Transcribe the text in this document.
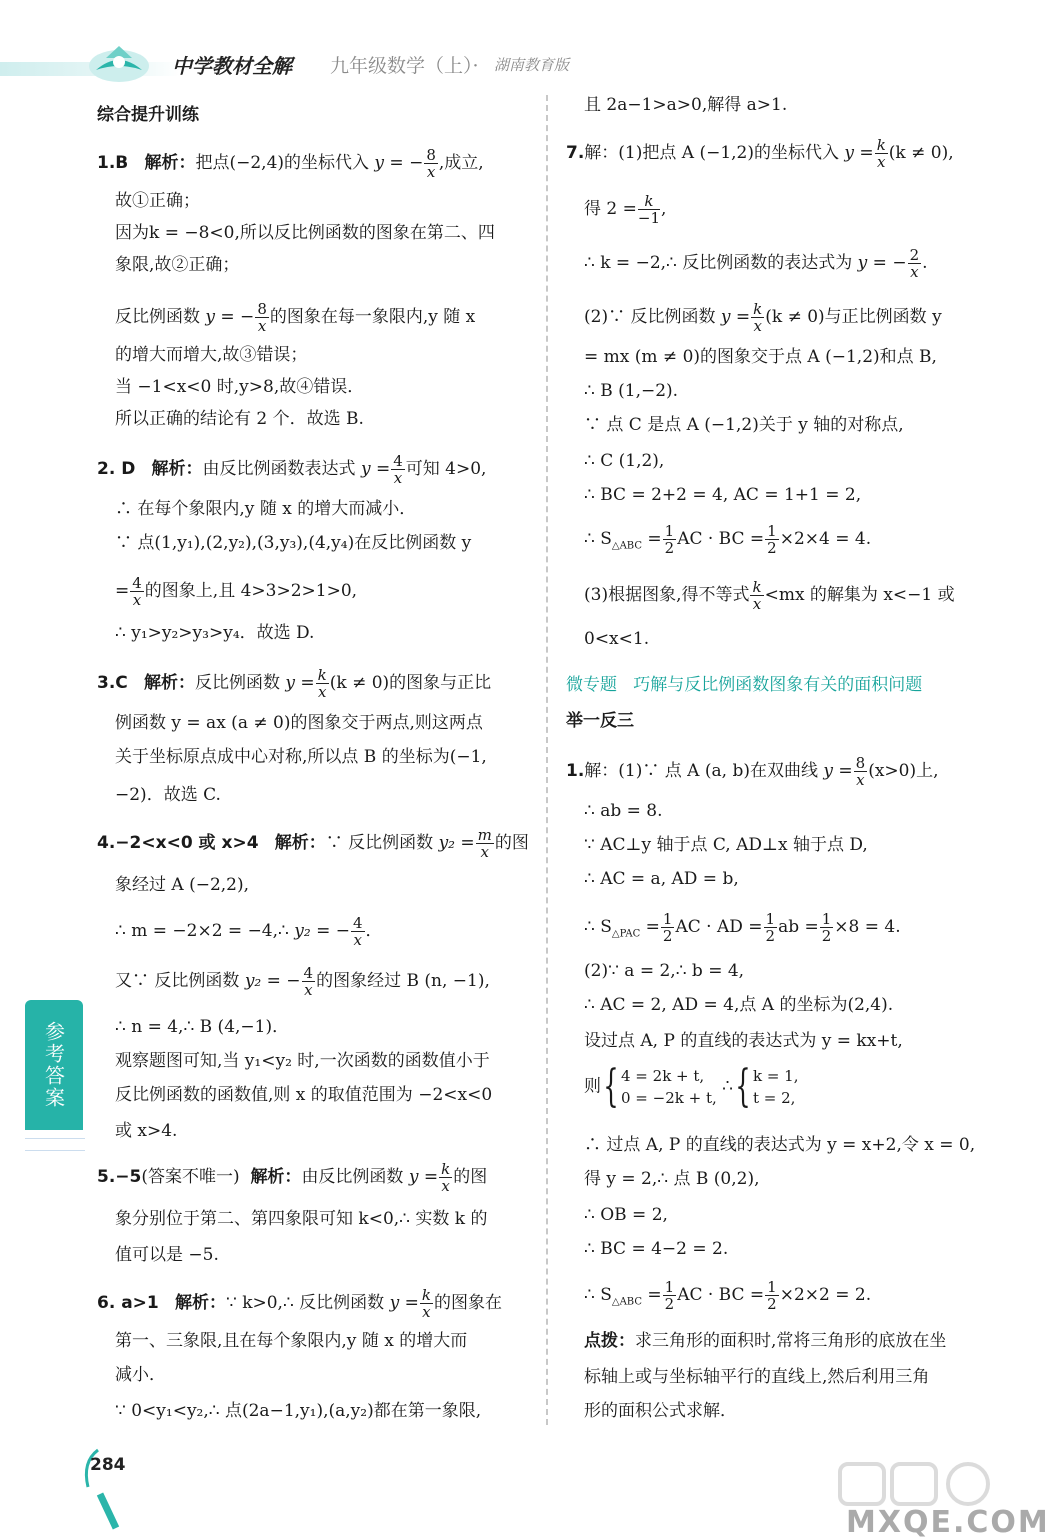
中学教材全解 九年级数学（上）· 湖南教育版
综合提升训练
1.B 解析：把点(−2,4)的坐标代入 y = − $\frac{8}{x}$ ,成立,
故①正确；
因为k = −8<0,所以反比例函数的图象在第二、四
象限,故②正确；
反比例函数 y = − $\frac{8}{x}$ 的图象在每一象限内,y 随 x
的增大而增大,故③错误；
当 −1<x<0 时,y>8,故④错误．
所以正确的结论有 2 个．故选 B.
2. D 解析：由反比例函数表达式 $y = \frac{4}{x}$ 可知 4>0,
∴ 在每个象限内,y 随 x 的增大而减小．
∵ 点(1,y₁),(2,y₂),(3,y₃),(4,y₄)在反比例函数 y
= $\frac{4}{x}$ 的图象上,且 4>3>2>1>0,
∴ y₁>y₂>y₃>y₄．故选 D.
3.C 解析：反比例函数 $y = \frac{k}{x} (k \ne 0)$的图象与正比
例函数 y = ax (a ≠ 0)的图象交于两点,则这两点
关于坐标原点成中心对称,所以点 B 的坐标为(−1,
−2)．故选 C.
4.−2<x<0 或 x>4 解析：∵ 反比例函数 $y_2 = \frac{m}{x}$ 的图
象经过 A (−2,2),
∴ m = −2×2 = −4,∴ y₂ = − $\frac{4}{x}$ ．
又∵ 反比例函数 y₂ = − $\frac{4}{x}$ 的图象经过 B (n, −1),
∴ n = 4,∴ B (4,−1)．
观察题图可知,当 y₁<y₂ 时,一次函数的函数值小于
反比例函数的函数值,则 x 的取值范围为 −2<x<0
或 x>4.
5.−5(答案不唯一) 解析：由反比例函数 $y = \frac{k}{x}$ 的图
象分别位于第二、第四象限可知 k<0,∴ 实数 k 的
值可以是 −5.
6. a>1 解析：∵ k>0,∴ 反比例函数 $y = \frac{k}{x}$ 的图象在
第一、三象限,且在每个象限内,y 随 x 的增大而
减小．
∵ 0<y₁<y₂,∴ 点(2a−1,y₁),(a,y₂)都在第一象限,
参考答案
且 2a−1>a>0,解得 a>1.
7.解：(1)把点 A (−1,2)的坐标代入 $y = \frac{k}{x} (k \ne 0)$,
得 $2 = \frac{k}{-1}$ ,
∴ k = −2,∴ 反比例函数的表达式为 y = − $\frac{2}{x}$ .
(2)∵ 反比例函数 $y = \frac{k}{x} (k \ne 0)$与正比例函数 y
= mx (m ≠ 0)的图象交于点 A (−1,2)和点 B,
∴ B (1,−2).
∵ 点 C 是点 A (−1,2)关于 y 轴的对称点,
∴ C (1,2),
∴ BC = 2+2 = 4, AC = 1+1 = 2,
∴ $S_{\triangle ABC} = \frac{1}{2}$ AC · BC = $\frac{1}{2} \times 2\times 4 = 4$.
(3)根据图象,得不等式 $\frac{k}{x} <mx$ 的解集为 x<−1 或
0<x<1.
微专题 巧解与反比例函数图象有关的面积问题
举一反三
1.解：(1)∵ 点 A (a, b)在双曲线 $y = \frac{8}{x} (x>0)$上,
∴ ab = 8.
∵ AC⊥y 轴于点 C, AD⊥x 轴于点 D,
∴ AC = a, AD = b,
∴ $S_{\triangle PAC} = \frac{1}{2}$ AC · AD = $\frac{1}{2}$ ab = $\frac{1}{2} \times 8 = 4$.
(2)∵ a = 2,∴ b = 4,
∴ AC = 2, AD = 4,点 A 的坐标为(2,4).
设过点 A, P 的直线的表达式为 y = kx+t,
则{ 4 = 2k + t,
0 = −2k + t,
∴{ k = 1,
t = 2,
∴ 过点 A, P 的直线的表达式为 y = x+2,令 x = 0,
得 y = 2,∴ 点 B (0,2),
∴ OB = 2,
∴ BC = 4−2 = 2.
∴ $S_{\triangle ABC} = \frac{1}{2}$ AC · BC = $\frac{1}{2} \times 2\times 2 = 2$.
点拨：求三角形的面积时,常将三角形的底放在坐
标轴上或与坐标轴平行的直线上,然后利用三角
形的面积公式求解．
284
MXQE.COM
